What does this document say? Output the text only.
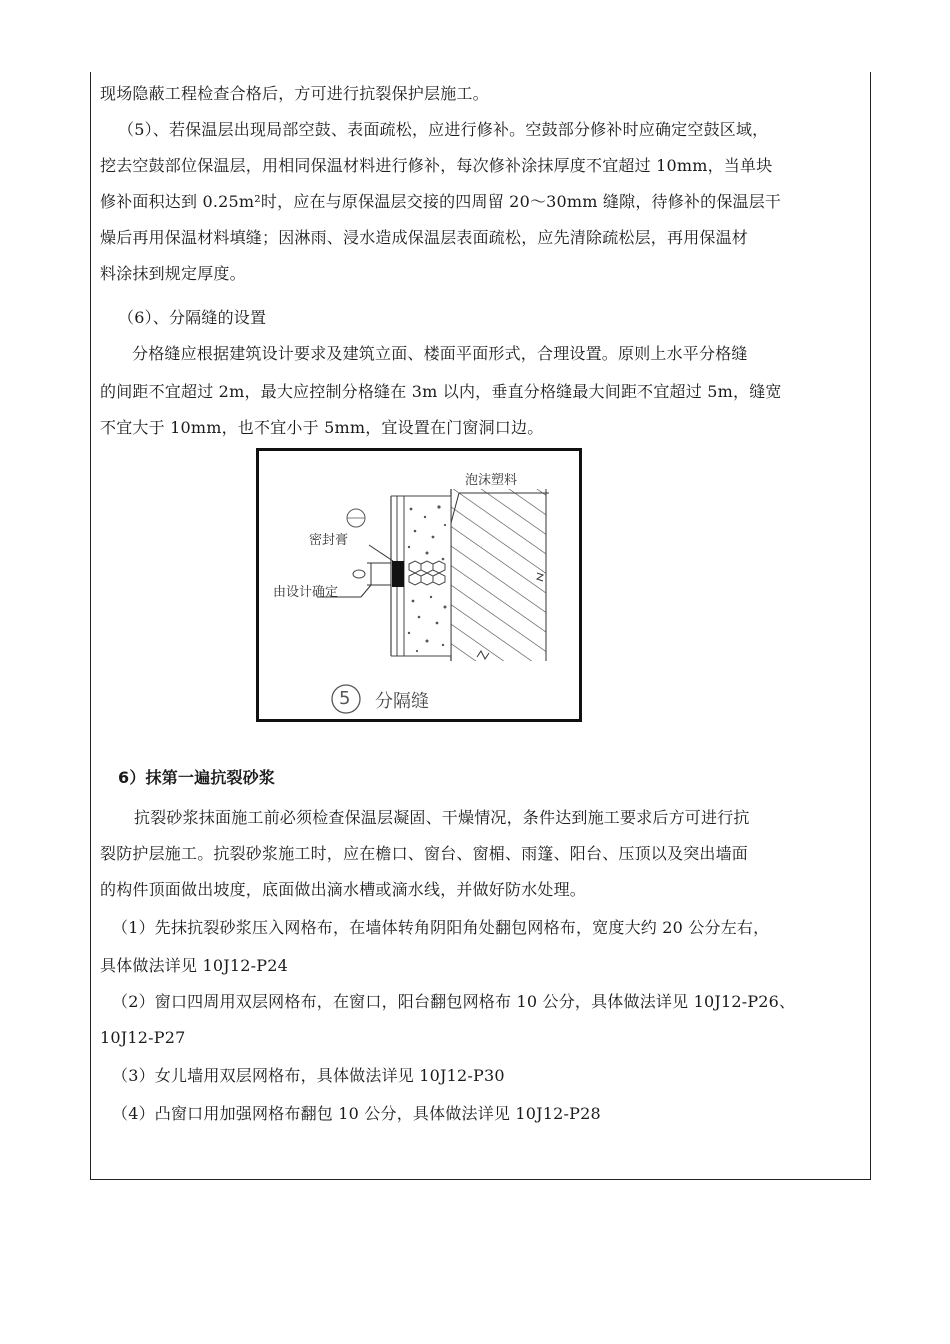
现场隐蔽工程检查合格后，方可进行抗裂保护层施工。
（5）、若保温层出现局部空鼓、表面疏松，应进行修补。空鼓部分修补时应确定空鼓区域，
挖去空鼓部位保温层，用相同保温材料进行修补，每次修补涂抹厚度不宜超过 10mm，当单块
修补面积达到 0.25m²时，应在与原保温层交接的四周留 20～30mm 缝隙，待修补的保温层干
燥后再用保温材料填缝；因淋雨、浸水造成保温层表面疏松，应先清除疏松层，再用保温材
料涂抹到规定厚度。
（6）、分隔缝的设置
分格缝应根据建筑设计要求及建筑立面、楼面平面形式，合理设置。原则上水平分格缝
的间距不宜超过 2m，最大应控制分格缝在 3m 以内，垂直分格缝最大间距不宜超过 5m，缝宽
不宜大于 10mm，也不宜小于 5mm，宜设置在门窗洞口边。
泡沫塑料
密封膏
由设计确定
5 分隔缝
6）抹第一遍抗裂砂浆
抗裂砂浆抹面施工前必须检查保温层凝固、干燥情况，条件达到施工要求后方可进行抗
裂防护层施工。抗裂砂浆施工时，应在檐口、窗台、窗楣、雨篷、阳台、压顶以及突出墙面
的构件顶面做出坡度，底面做出滴水槽或滴水线，并做好防水处理。
（1）先抹抗裂砂浆压入网格布，在墙体转角阴阳角处翻包网格布，宽度大约 20 公分左右，
具体做法详见 10J12-P24
（2）窗口四周用双层网格布，在窗口，阳台翻包网格布 10 公分，具体做法详见 10J12-P26、
10J12-P27
（3）女儿墙用双层网格布，具体做法详见 10J12-P30
（4）凸窗口用加强网格布翻包 10 公分，具体做法详见 10J12-P28
